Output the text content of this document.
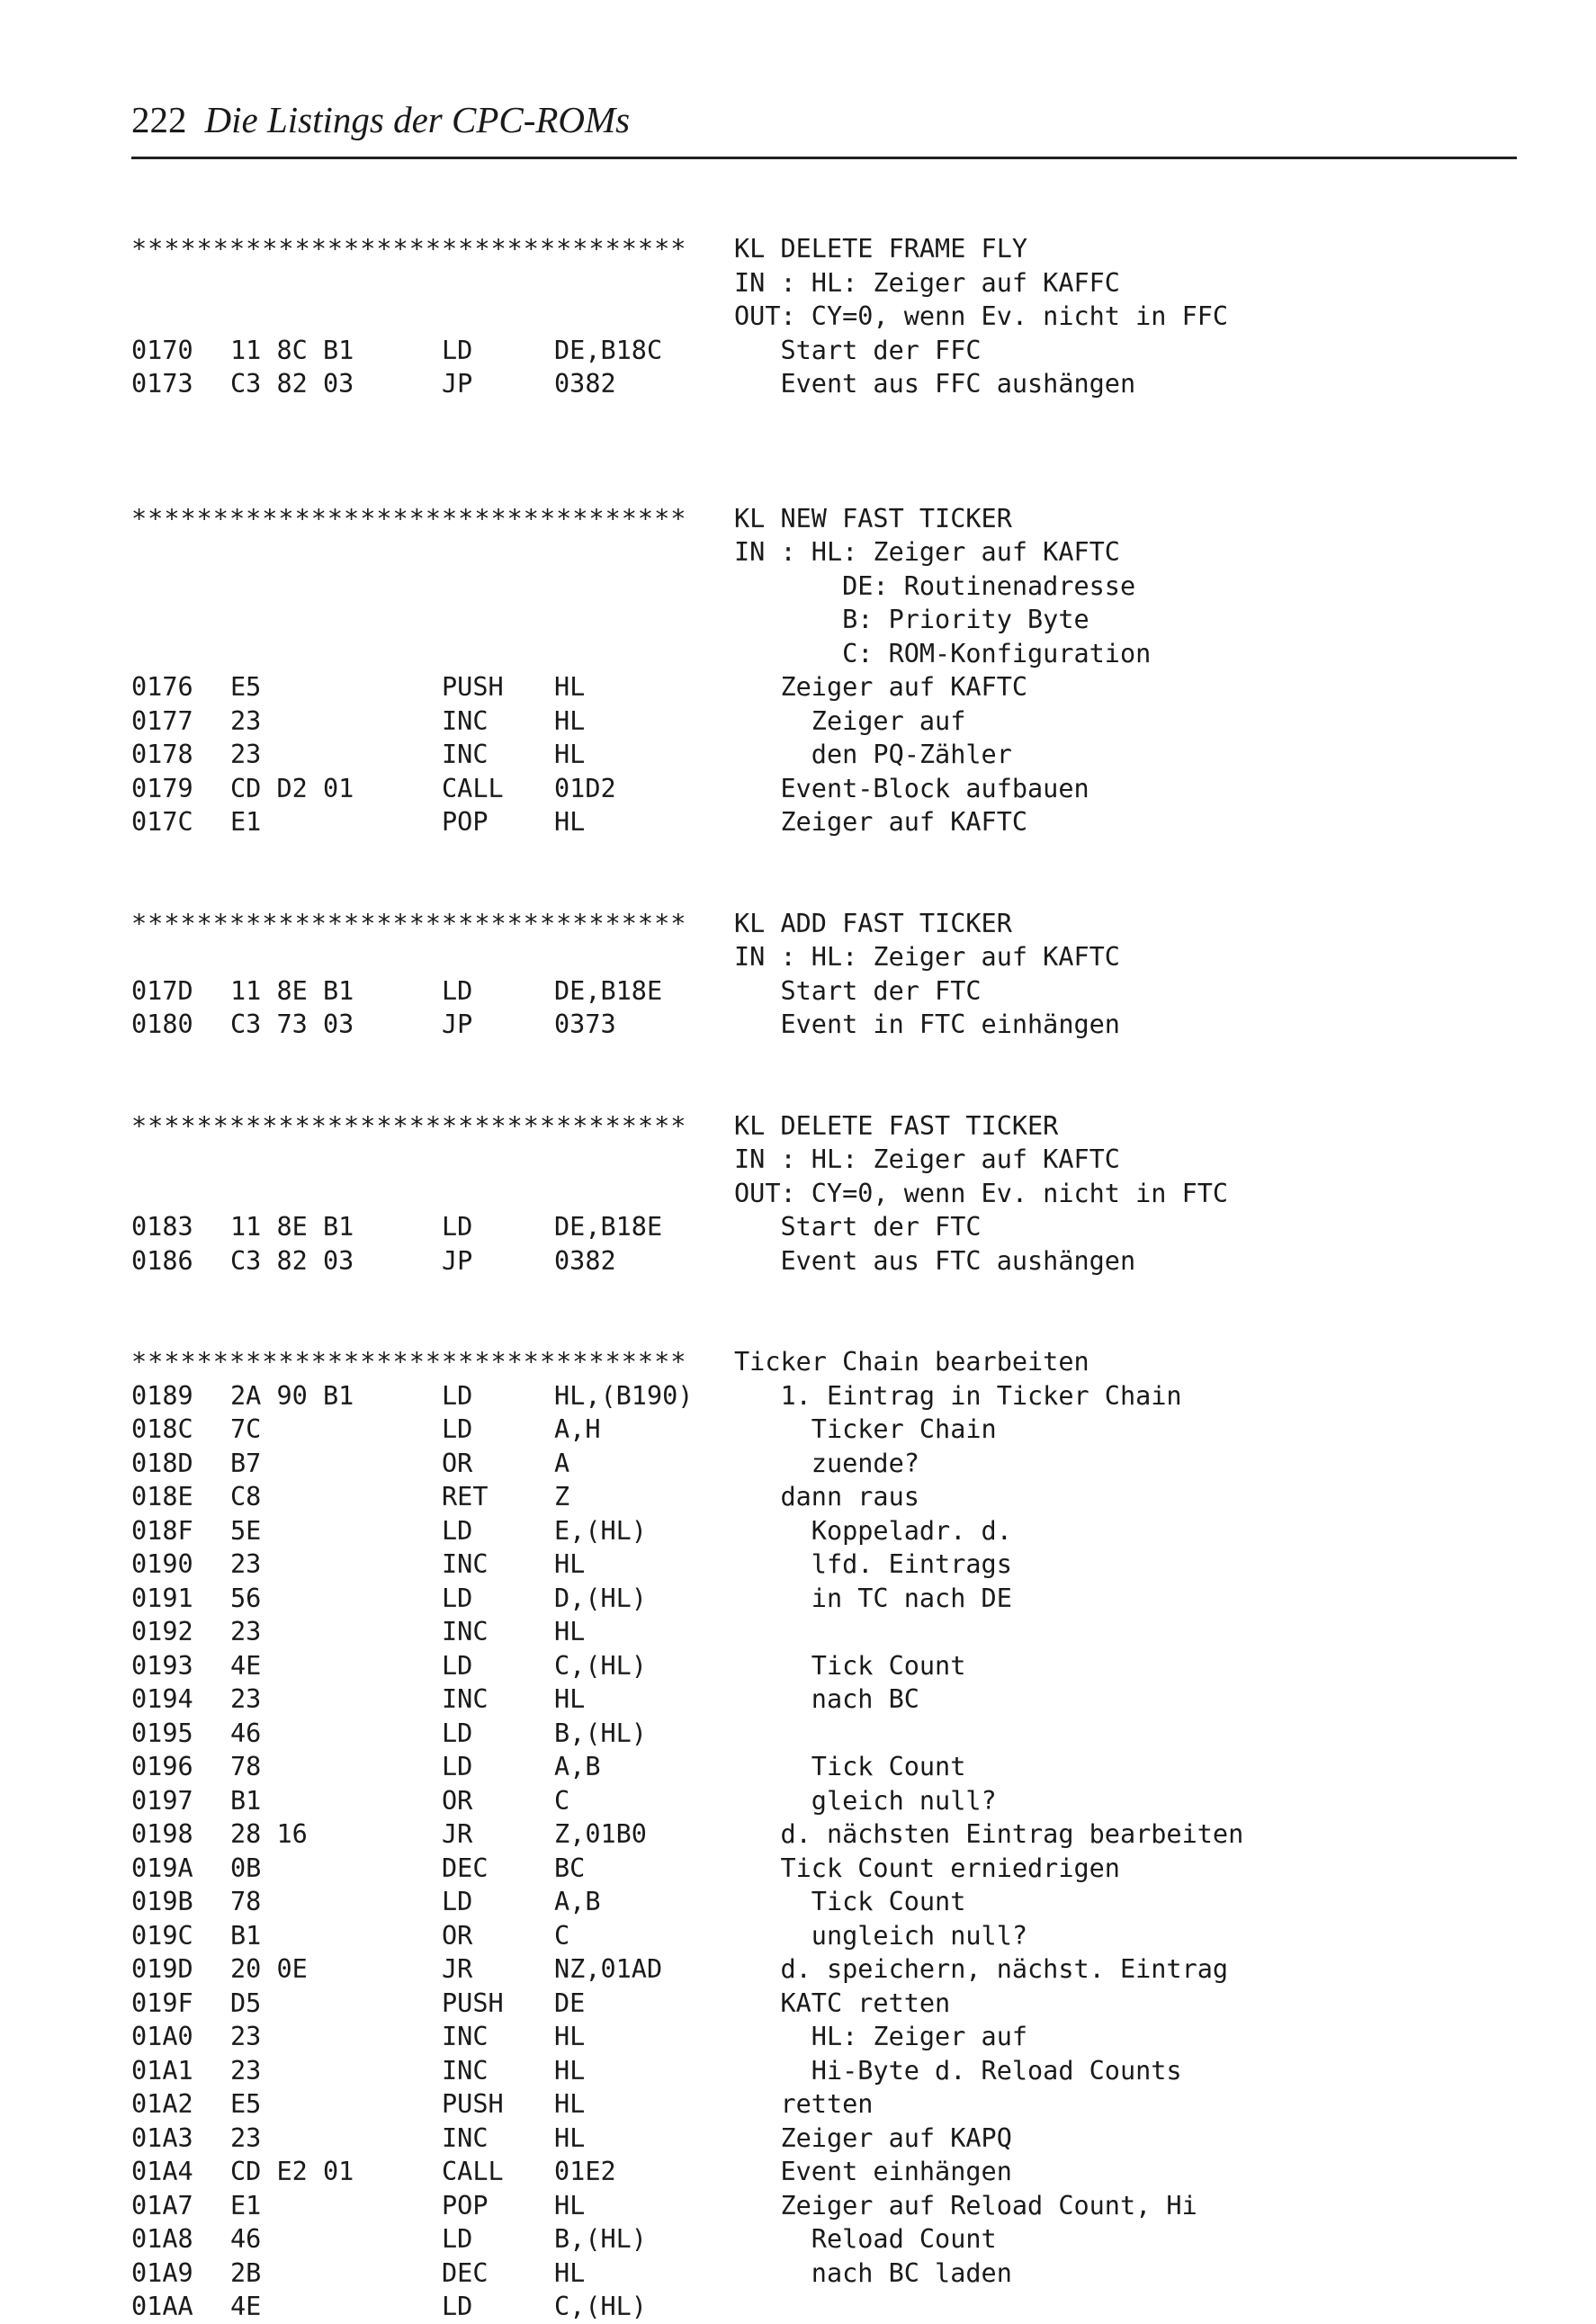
222 Die Listings der CPC-ROMs
********************************** KL DELETE FRAME FLY
IN : HL: Zeiger auf KAFFC
OUT: CY=0, wenn Ev. nicht in FFC
0170 11 8C B1	LD	DE,B18C	Start der FFC
0173 C3 82 03	JP	0382	Event aus FFC aushängen
********************************** KL NEW FAST TICKER
IN : HL: Zeiger auf KAFTC
DE: Routinenadresse
B: Priority Byte
C: ROM-Konfiguration
0176 E5	PUSH HL	Zeiger auf KAFTC
0177 23	INC	HL	Zeiger auf
0178 23	INC	HL	den PQ-Zähler
0179 CD D2 01	CALL 01D2	Event-Block aufbauen
017C E1	POP	HL	Zeiger auf KAFTC
********************************** KL ADD FAST TICKER
IN : HL: Zeiger auf KAFTC
017D 11 8E B1	LD	DE,B18E	Start der FTC
0180 C3 73 03	JP	0373	Event in FTC einhängen
********************************** KL DELETE FAST TICKER
IN : HL: Zeiger auf KAFTC
OUT: CY=0, wenn Ev. nicht in FTC
0183 11 8E B1	LD	DE,B18E	Start der FTC
0186 C3 82 03	JP	0382	Event aus FTC aushängen
********************************** Ticker Chain bearbeiten
0189 2A 90 B1	LD	HL,(B190) 1. Eintrag in Ticker Chain
018C 7C	LD	A,H	Ticker Chain
018D B7	OR	A	zuende?
018E C8	RET	Z	dann raus
018F 5E	LD	E,(HL)	Koppeladr. d.
0190 23	INC	HL	lfd. Eintrags
0191 56	LD	D,(HL)	in TC nach DE
0192 23	INC	HL
0193 4E	LD	C,(HL)	Tick Count
0194 23	INC	HL	nach BC
0195 46	LD	B,(HL)
0196 78	LD	A,B	Tick Count
0197 B1	OR	C	gleich null?
0198 28 16	JR	Z,01B0	d. nächsten Eintrag bearbeiten
019A 0B	DEC	BC	Tick Count erniedrigen
019B 78	LD	A,B	Tick Count
019C B1	OR	C	ungleich null?
019D 20 0E	JR	NZ,01AD	d. speichern, nächst. Eintrag
019F D5	PUSH DE	KATC retten
01A0 23	INC	HL	HL: Zeiger auf
01A1 23	INC	HL	Hi-Byte d. Reload Counts
01A2 E5	PUSH HL	retten
01A3 23	INC	HL	Zeiger auf KAPQ
01A4 CD E2 01	CALL 01E2	Event einhängen
01A7 E1	POP	HL	Zeiger auf Reload Count, Hi
01A8 46	LD	B,(HL)	Reload Count
01A9 2B	DEC	HL	nach BC laden
01AA 4E	LD	C,(HL)
